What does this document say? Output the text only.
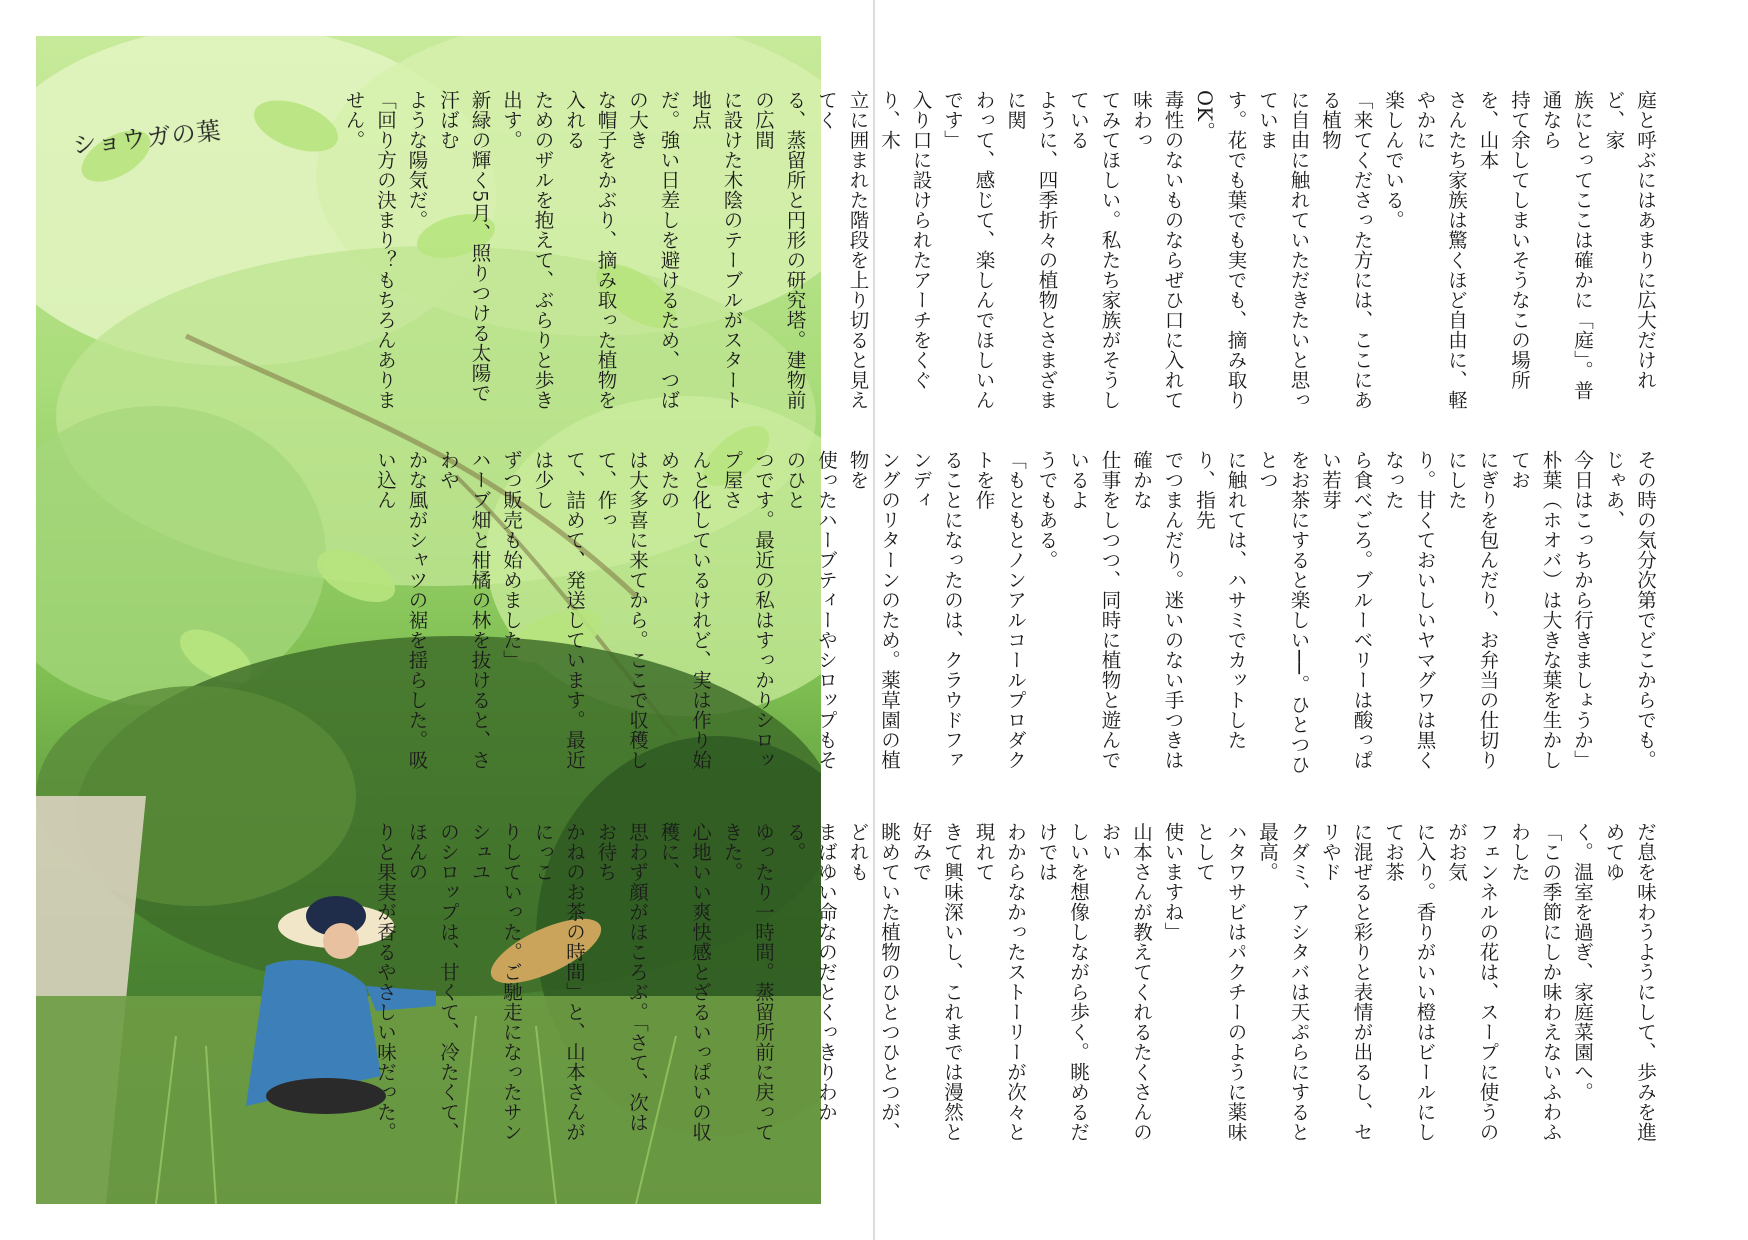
ショウガの葉	庭と呼ぶにはあまりに広大だけれど、家
族にとってここは確かに「庭」。普通なら
持て余してしまいそうなこの場所を、山本
さんたち家族は驚くほど自由に、軽やかに
楽しんでいる。
「来てくださった方には、ここにある植物
に自由に触れていただきたいと思っていま
す。花でも葉でも実でも、摘み取りOK。
毒性のないものならぜひ口に入れて味わっ
てみてほしい。私たち家族がそうしている
ように、四季折々の植物とさまざまに関
わって、感じて、楽しんでほしいんです」
入り口に設けられたアーチをくぐり、木
立に囲まれた階段を上り切ると見えてく
る、蒸留所と円形の研究塔。建物前の広間
に設けた木陰のテーブルがスタート地点
だ。強い日差しを避けるため、つばの大き
な帽子をかぶり、摘み取った植物を入れる
ためのザルを抱えて、ぶらりと歩き出す。
新緑の輝く5月、照りつける太陽で汗ばむ
ような陽気だ。
「回り方の決まり？もちろんありません。
その時の気分次第でどこからでも。じゃあ、
今日はこっちから行きましょうか」
朴葉（ホオバ）は大きな葉を生かしてお
にぎりを包んだり、お弁当の仕切りにした
り。甘くておいしいヤマグワは黒くなった
ら食べごろ。ブルーベリーは酸っぱい若芽
をお茶にすると楽しい──。ひとつひとつ
に触れては、ハサミでカットしたり、指先
でつまんだり。迷いのない手つきは確かな
仕事をしつつ、同時に植物と遊んでいるよ
うでもある。
「もともとノンアルコールプロダクトを作
ることになったのは、クラウドファンディ
ングのリターンのため。薬草園の植物を
使ったハーブティーやシロップもそのひと
つです。最近の私はすっかりシロップ屋さ
んと化しているけれど、実は作り始めたの
は大多喜に来てから。ここで収穫して、作っ
て、詰めて、発送しています。最近は少し
ずつ販売も始めました」
ハーブ畑と柑橘の林を抜けると、さわや
かな風がシャツの裾を揺らした。吸い込ん
だ息を味わうようにして、歩みを進めてゆ
く。温室を過ぎ、家庭菜園へ。
「この季節にしか味わえないふわふわした
フェンネルの花は、スープに使うのがお気
に入り。香りがいい橙はビールにしてお茶
に混ぜると彩りと表情が出るし、セリやド
クダミ、アシタバは天ぷらにすると最高。
ハタワサビはパクチーのように薬味として
使いますね」
山本さんが教えてくれるたくさんのおい
しいを想像しながら歩く。眺めるだけでは
わからなかったストーリーが次々と現れて
きて興味深いし、これまでは漫然と好みで
眺めていた植物のひとつひとつが、どれも
まばゆい命なのだとくっきりわかる。
ゆったり一時間。蒸留所前に戻ってきた。
心地いい爽快感とざるいっぱいの収穫に、
思わず顔がほころぶ。「さて、次はお待ち
かねのお茶の時間」と、山本さんがにっこ
りしていった。ご馳走になったサンシュユ
のシロップは、甘くて、冷たくて、ほんの
りと果実が香るやさしい味だった。
